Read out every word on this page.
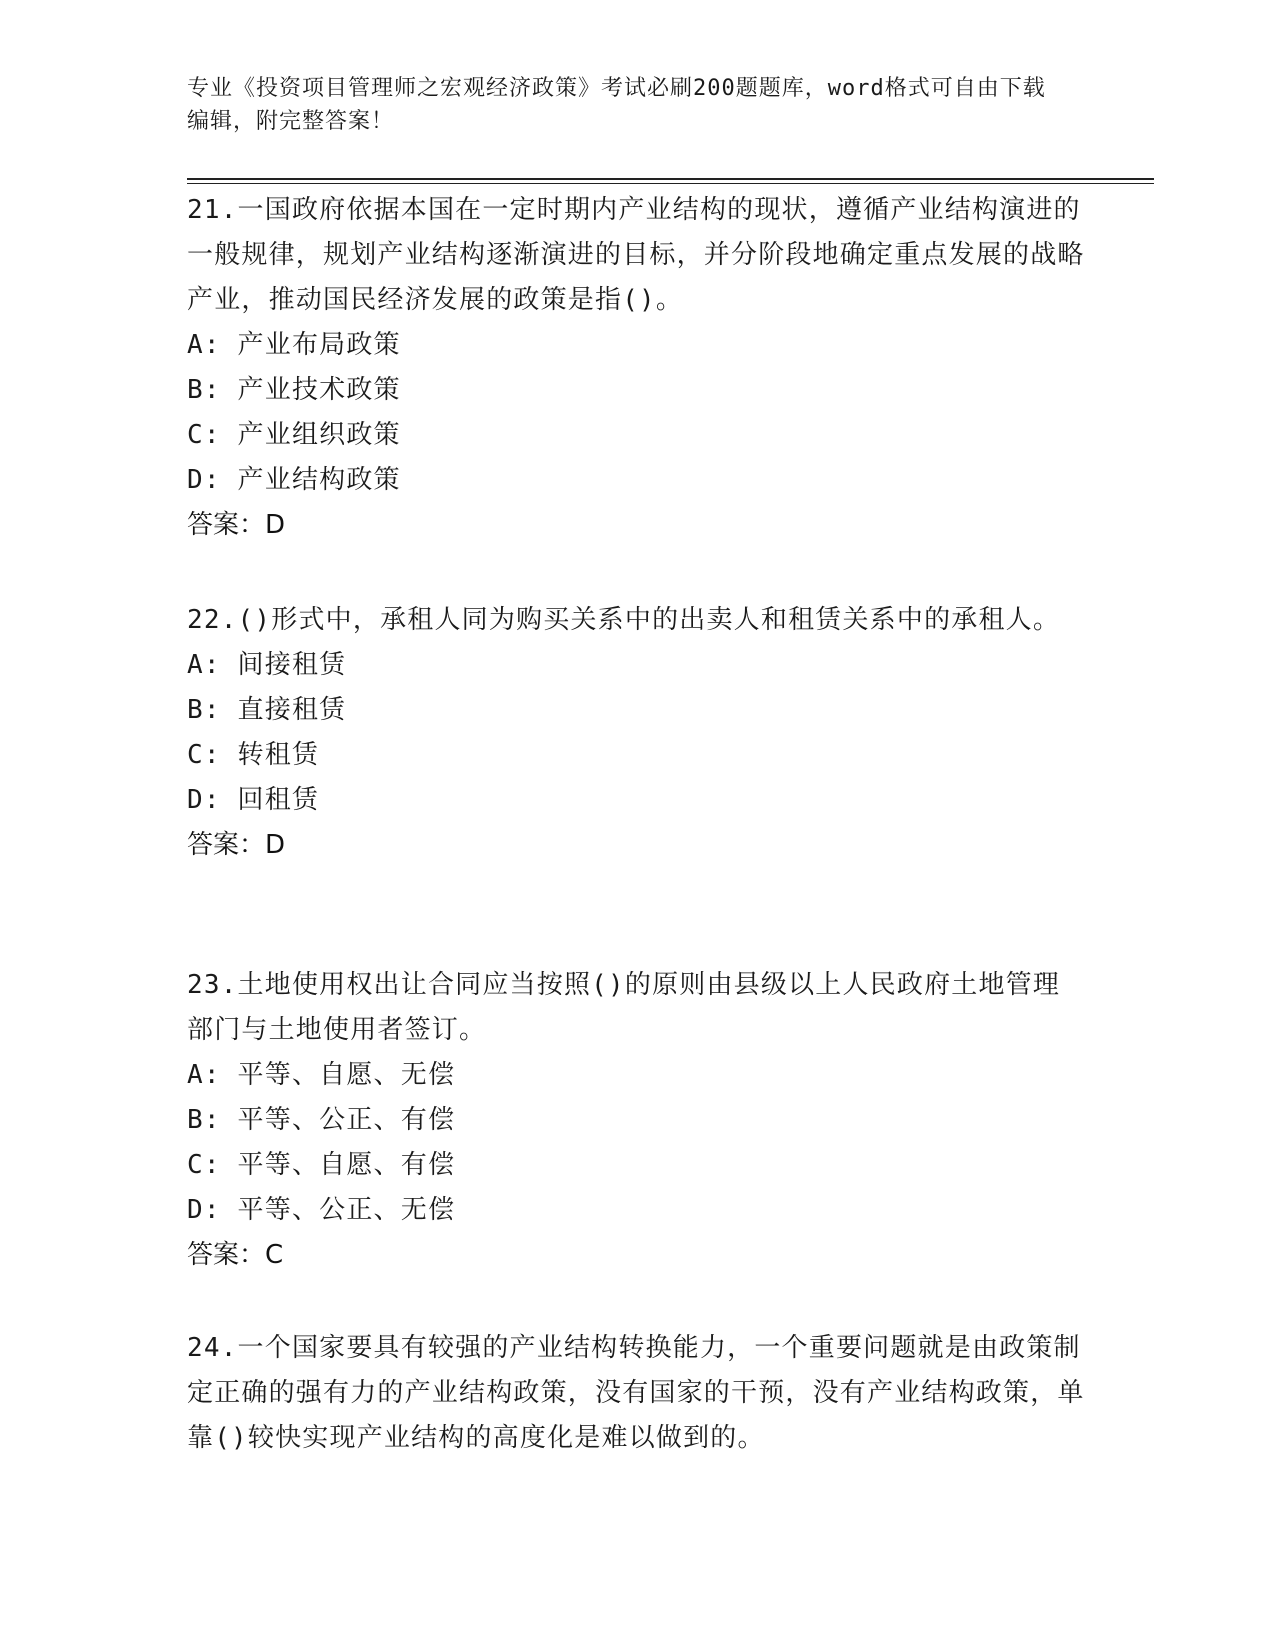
专业《投资项目管理师之宏观经济政策》考试必刷200题题库，word格式可自由下载编辑，附完整答案！

21.一国政府依据本国在一定时期内产业结构的现状，遵循产业结构演进的一般规律，规划产业结构逐渐演进的目标，并分阶段地确定重点发展的战略产业，推动国民经济发展的政策是指()。

A: 产业布局政策
B: 产业技术政策
C: 产业组织政策
D: 产业结构政策
答案：D

22.()形式中，承租人同为购买关系中的出卖人和租赁关系中的承租人。

A: 间接租赁
B: 直接租赁
C: 转租赁
D: 回租赁
答案：D

23.土地使用权出让合同应当按照()的原则由县级以上人民政府土地管理部门与土地使用者签订。

A: 平等、自愿、无偿
B: 平等、公正、有偿
C: 平等、自愿、有偿
D: 平等、公正、无偿
答案：C

24.一个国家要具有较强的产业结构转换能力，一个重要问题就是由政策制定正确的强有力的产业结构政策，没有国家的干预，没有产业结构政策，单靠()较快实现产业结构的高度化是难以做到的。
